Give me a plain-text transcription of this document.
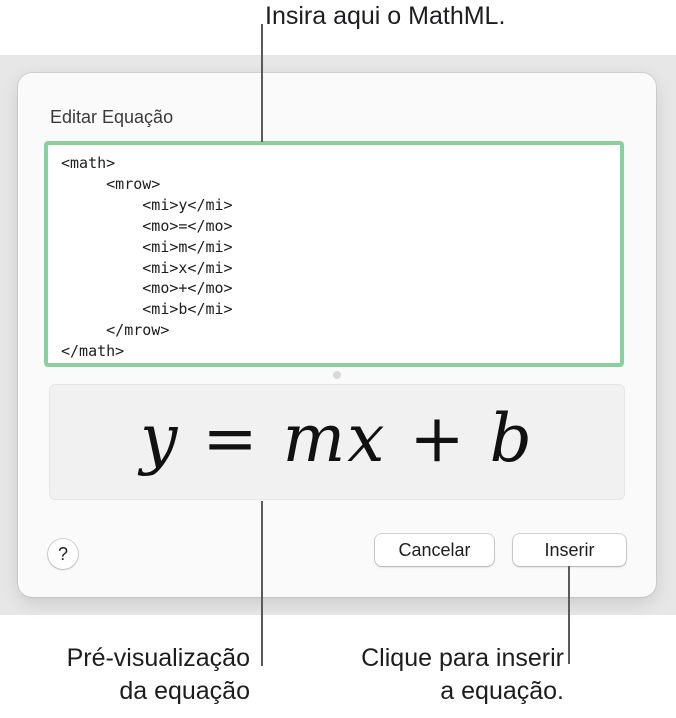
Editar Equação
<math>
<mrow>
<mi>y</mi>
<mo>=</mo>
<mi>m</mi>
<mi>x</mi>
<mo>+</mo>
<mi>b</mi>
</mrow>
</math>
y = mx + b
?	Cancelar	Inserir
Insira aqui o MathML.
Pré-visualização
da equação
Clique para inserir
a equação.
